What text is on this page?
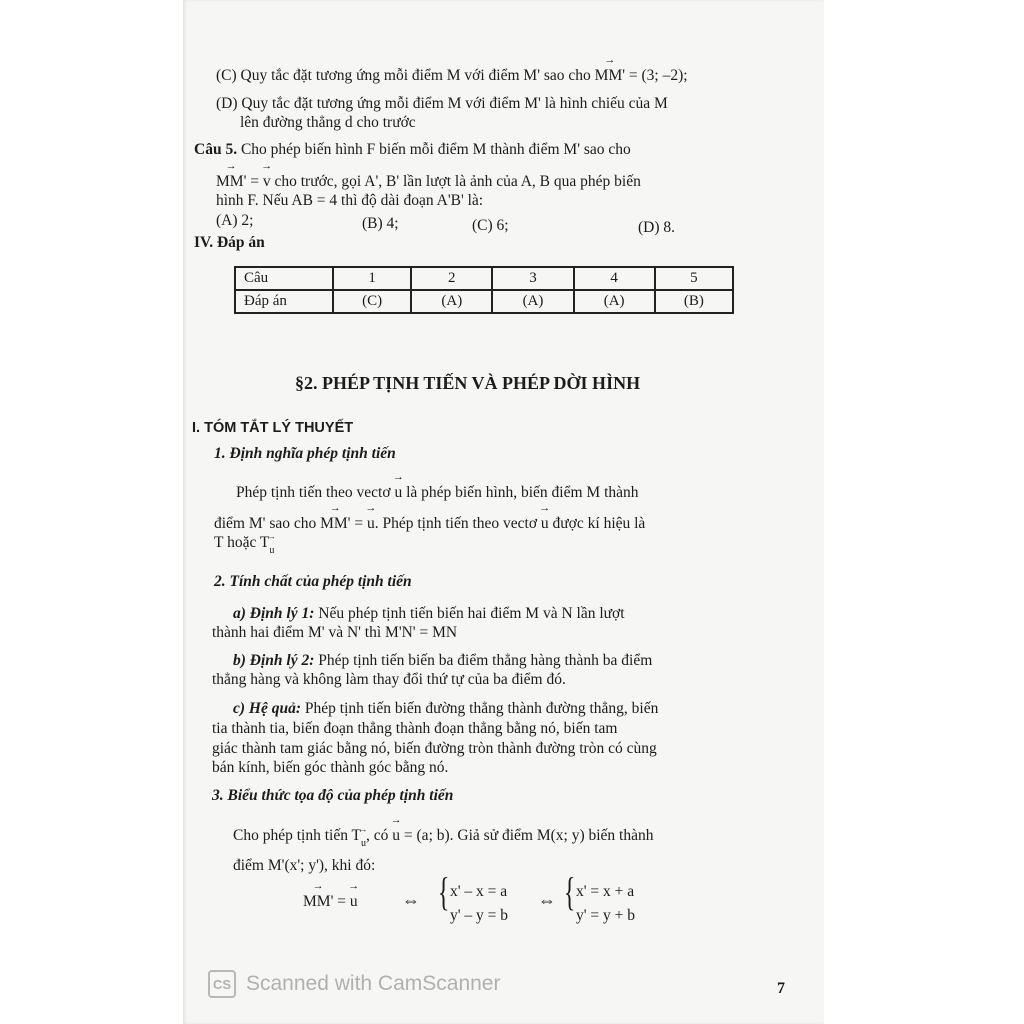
(C) Quy tắc đặt tương ứng mỗi điểm M với điểm M' sao cho → MM' = (3; –2);
(D) Quy tắc đặt tương ứng mỗi điểm M với điểm M' là hình chiếu của M
lên đường thẳng d cho trước
Câu 5. Cho phép biến hình F biến mỗi điểm M thành điểm M' sao cho
→ MM' = → v cho trước, gọi A', B' lần lượt là ảnh của A, B qua phép biến
hình F. Nếu AB = 4 thì độ dài đoạn A'B' là:
(A) 2;	(B) 4;	(C) 6;	(D) 8.
IV. Đáp án
Câu	1	2	3	4	5
Đáp án	(C)	(A)	(A)	(A)	(B)
§2. PHÉP TỊNH TIẾN VÀ PHÉP DỜI HÌNH
I. TÓM TẮT LÝ THUYẾT
1. Định nghĩa phép tịnh tiến
Phép tịnh tiến theo vectơ → u là phép biến hình, biến điểm M thành
điểm M' sao cho → MM' = → u. Phép tịnh tiến theo vectơ → u được kí hiệu là
T hoặc T→ u
2. Tính chất của phép tịnh tiến
a) Định lý 1: Nếu phép tịnh tiến biến hai điểm M và N lần lượt
thành hai điểm M' và N' thì M'N' = MN
b) Định lý 2: Phép tịnh tiến biến ba điểm thẳng hàng thành ba điểm
thẳng hàng và không làm thay đổi thứ tự của ba điểm đó.
c) Hệ quả: Phép tịnh tiến biến đường thẳng thành đường thẳng, biến
tia thành tia, biến đoạn thẳng thành đoạn thẳng bằng nó, biến tam
giác thành tam giác bằng nó, biến đường tròn thành đường tròn có cùng
bán kính, biến góc thành góc bằng nó.
3. Biểu thức tọa độ của phép tịnh tiến
Cho phép tịnh tiến T→ u, có → u = (a; b). Giả sử điểm M(x; y) biến thành
điểm M'(x'; y'), khi đó:
→ MM' = → u ⇔ { x' – x = a
y' – y = b
⇔ { x' = x + a
y' = y + b
7
CS Scanned with CamScanner
